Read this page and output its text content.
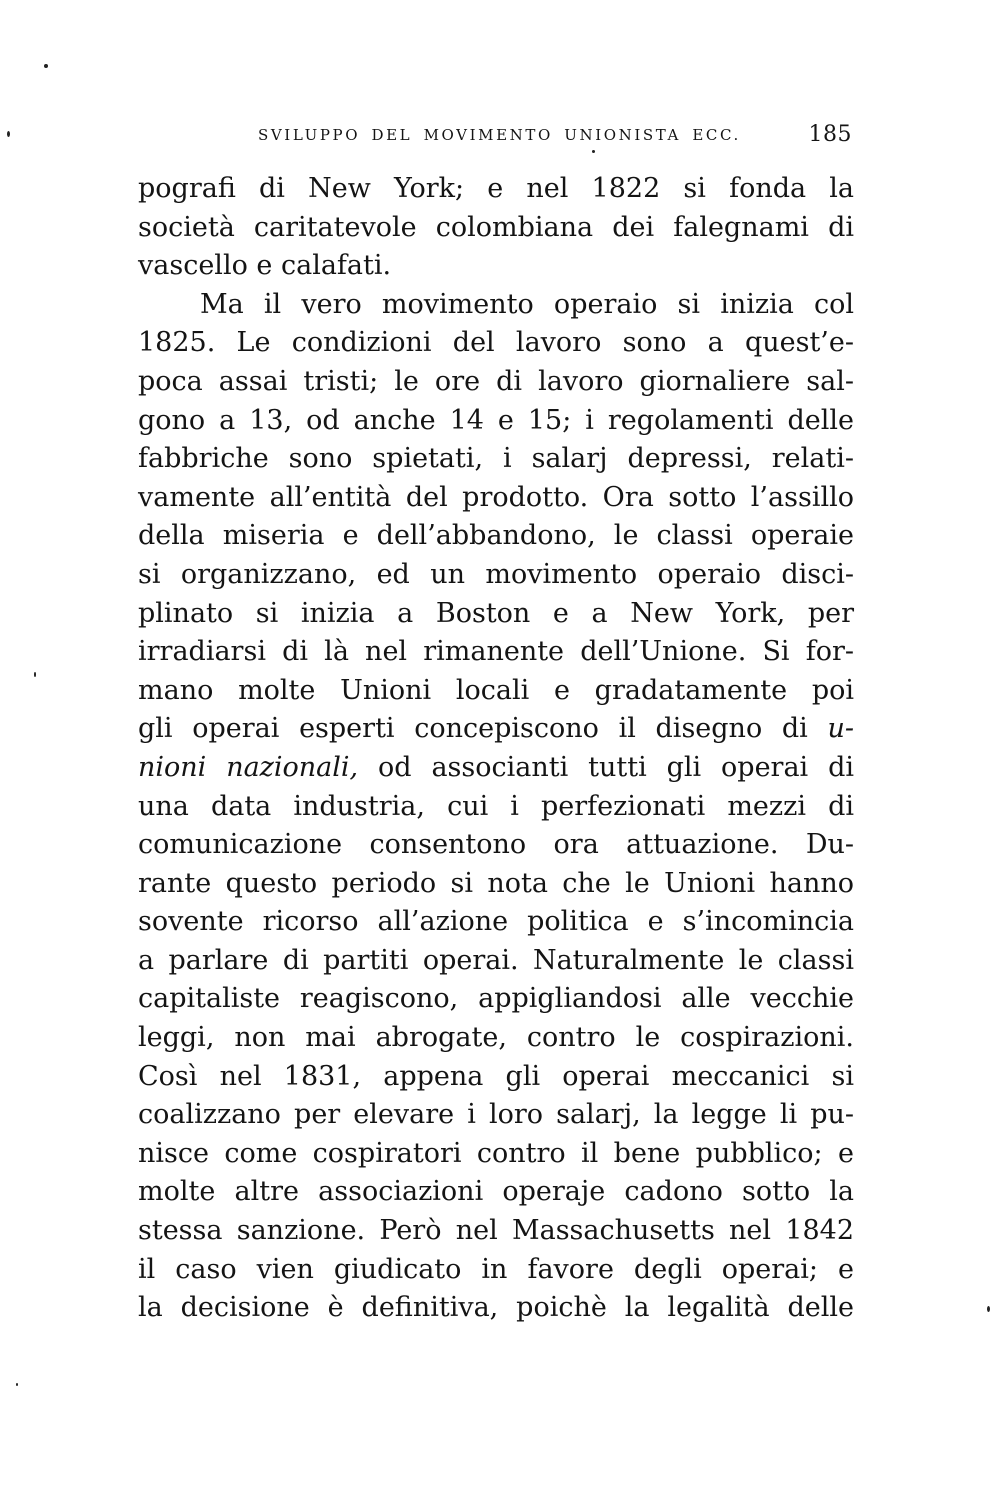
SVILUPPO DEL MOVIMENTO UNIONISTA ECC.	185
pografi di New York; e nel 1822 si fonda la
società caritatevole colombiana dei falegnami di
vascello e calafati.
Ma il vero movimento operaio si inizia col
1825. Le condizioni del lavoro sono a quest’e-
poca assai tristi; le ore di lavoro giornaliere sal-
gono a 13, od anche 14 e 15; i regolamenti delle
fabbriche sono spietati, i salarj depressi, relati-
vamente all’entità del prodotto. Ora sotto l’assillo
della miseria e dell’abbandono, le classi operaie
si organizzano, ed un movimento operaio disci-
plinato si inizia a Boston e a New York, per
irradiarsi di là nel rimanente dell’Unione. Si for-
mano molte Unioni locali e gradatamente poi
gli operai esperti concepiscono il disegno di u-
nioni nazionali, od associanti tutti gli operai di
una data industria, cui i perfezionati mezzi di
comunicazione consentono ora attuazione. Du-
rante questo periodo si nota che le Unioni hanno
sovente ricorso all’azione politica e s’incomincia
a parlare di partiti operai. Naturalmente le classi
capitaliste reagiscono, appigliandosi alle vecchie
leggi, non mai abrogate, contro le cospirazioni.
Così nel 1831, appena gli operai meccanici si
coalizzano per elevare i loro salarj, la legge li pu-
nisce come cospiratori contro il bene pubblico; e
molte altre associazioni operaje cadono sotto la
stessa sanzione. Però nel Massachusetts nel 1842
il caso vien giudicato in favore degli operai; e
la decisione è definitiva, poichè la legalità delle
